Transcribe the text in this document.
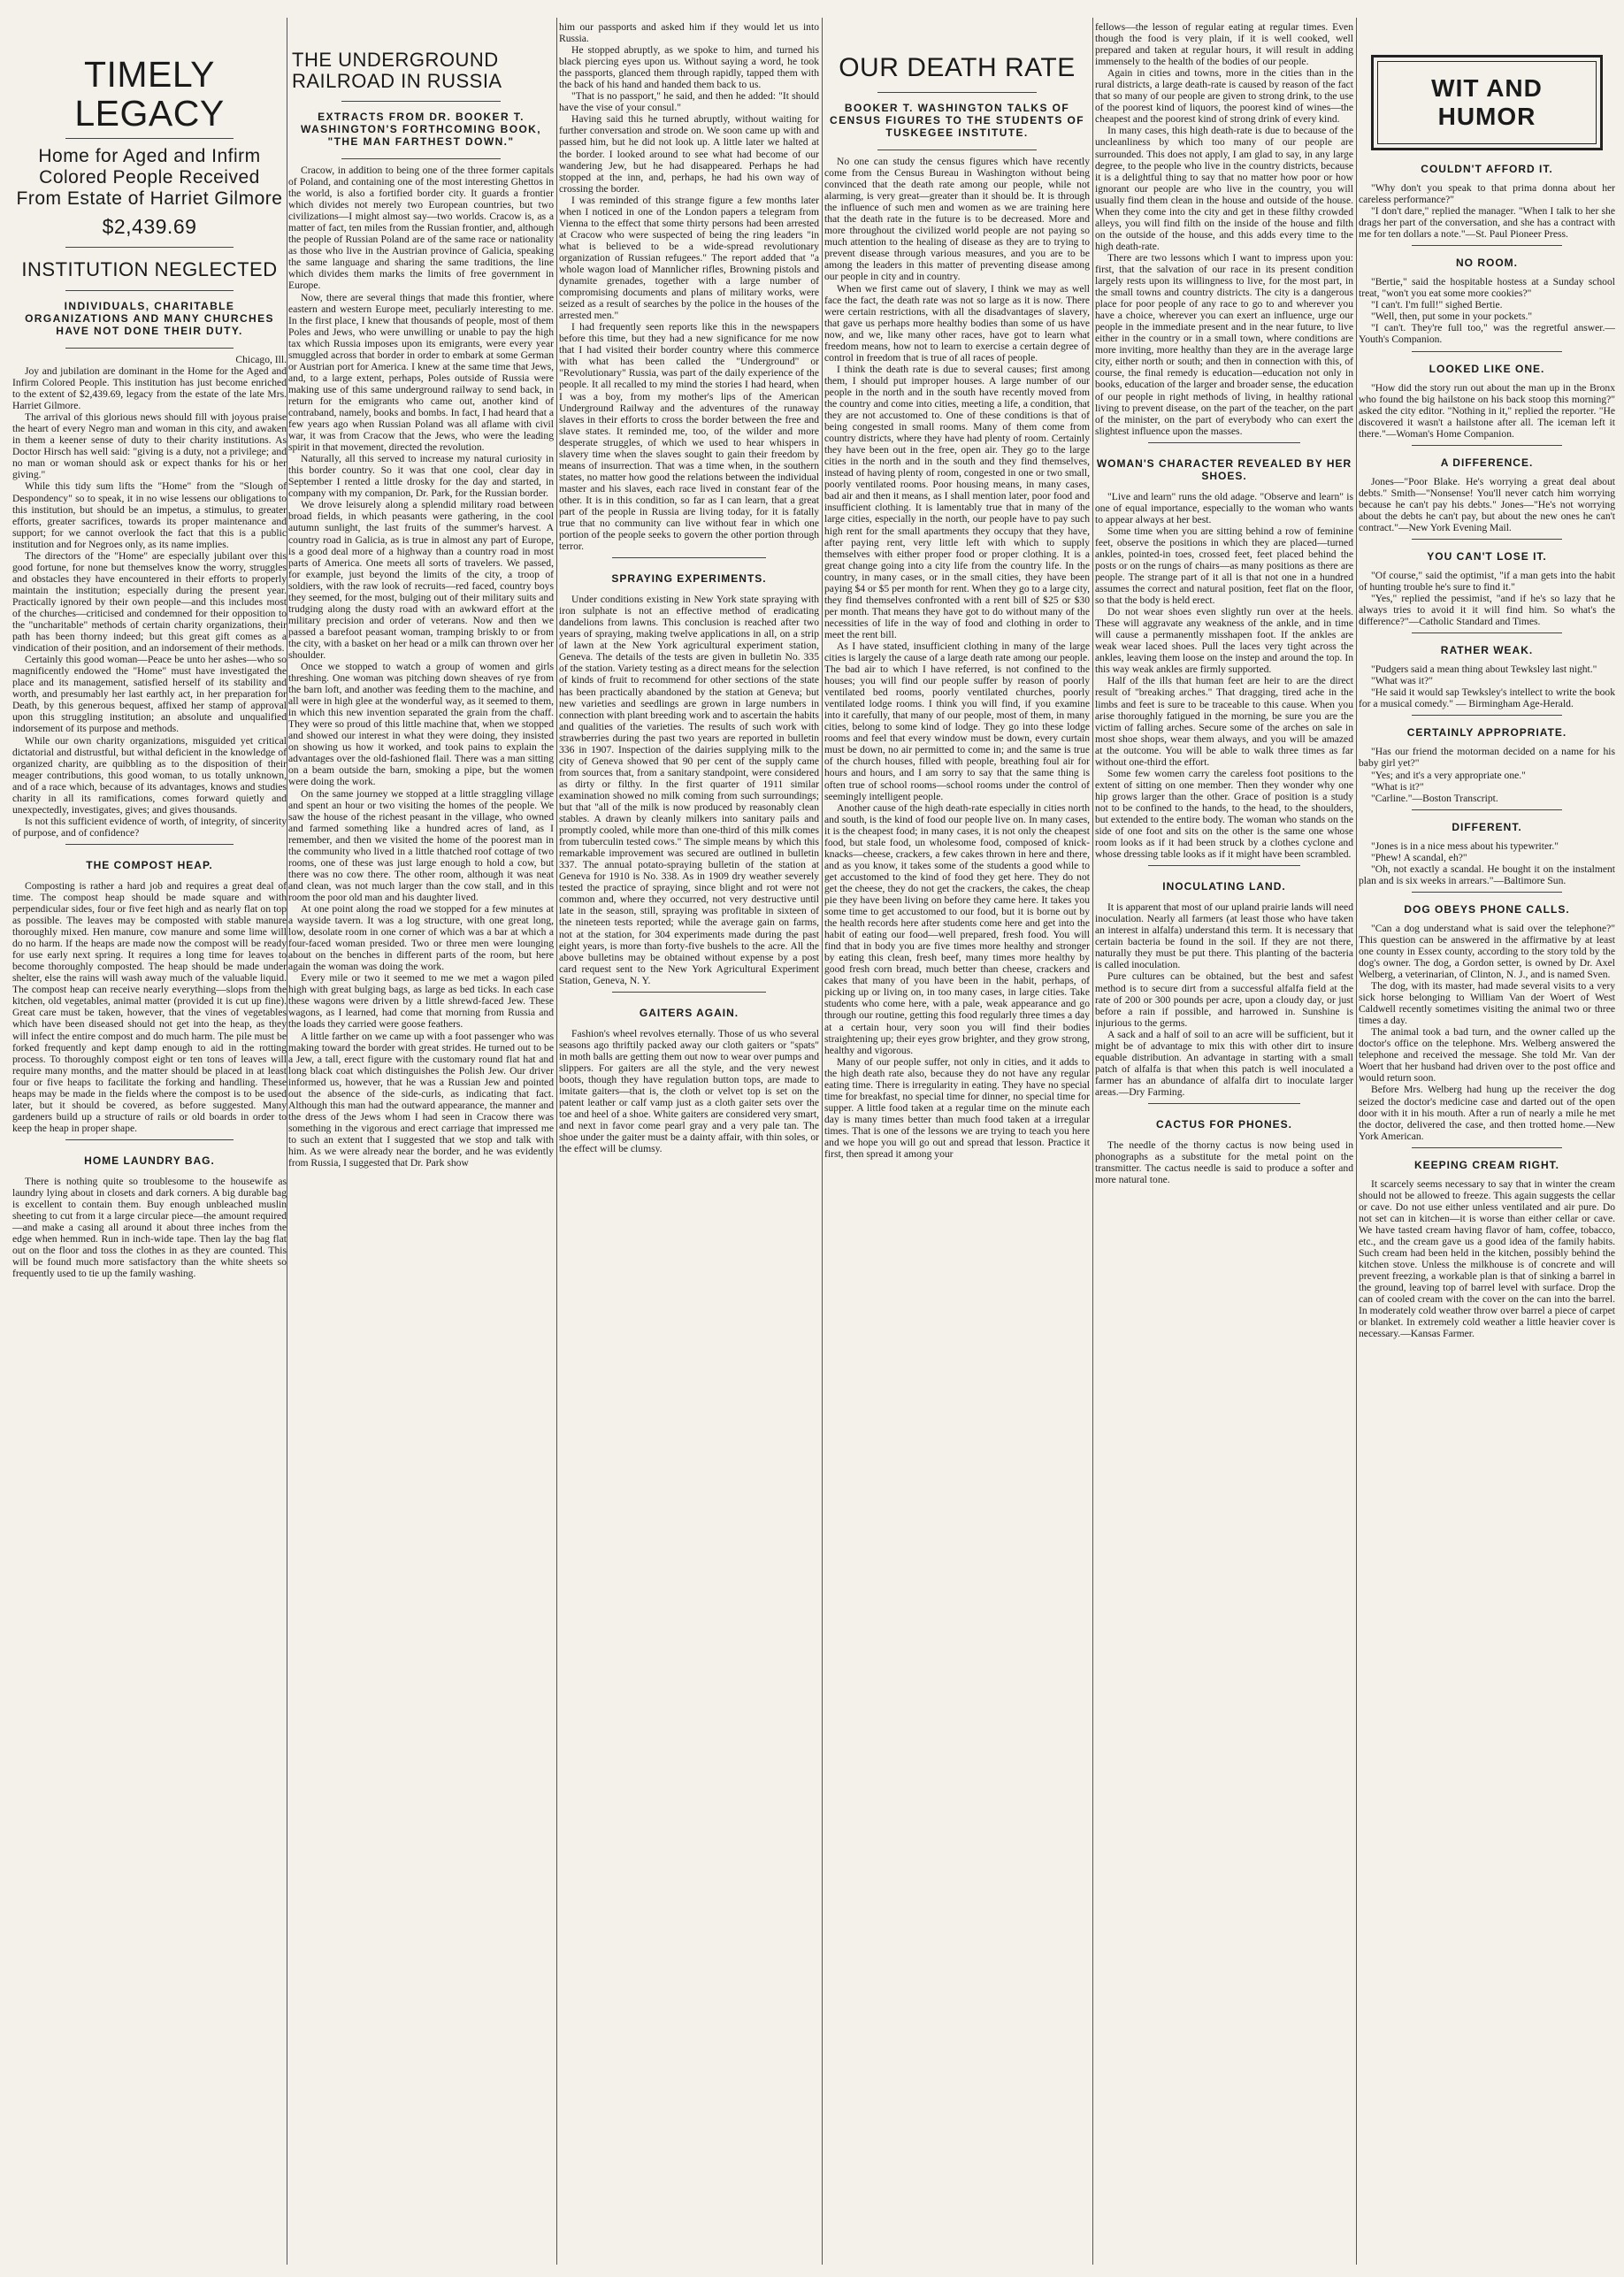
TIMELY LEGACY
Home for Aged and Infirm Colored People Received From Estate of Harriet Gilmore
$2,439.69
INSTITUTION NEGLECTED
INDIVIDUALS, CHARITABLE ORGANIZATIONS AND MANY CHURCHES HAVE NOT DONE THEIR DUTY.

Chicago, Ill.

Joy and jubilation are dominant in the Home for the Aged and Infirm Colored People. This institution has just become enriched to the extent of $2,439.69, legacy from the estate of the late Mrs. Harriet Gilmore.

The arrival of this glorious news should fill with joyous praise the heart of every Negro man and woman in this city, and awaken in them a keener sense of duty to their charity institutions. As Doctor Hirsch has well said: "giving is a duty, not a privilege; and no man or woman should ask or expect thanks for his or her giving."

While this tidy sum lifts the "Home" from the "Slough of Despondency" so to speak, it in no wise lessens our obligations to this institution, but should be an impetus, a stimulus, to greater efforts, greater sacrifices, towards its proper maintenance and support; for we cannot overlook the fact that this is a public institution and for Negroes only, as its name implies.

The directors of the "Home" are especially jubilant over this good fortune, for none but themselves know the worry, struggles and obstacles they have encountered in their efforts to properly maintain the institution; especially during the present year. Practically ignored by their own people—and this includes most of the churches—criticised and condemned for their opposition to the "uncharitable" methods of certain charity organizations, their path has been thorny indeed; but this great gift comes as a vindication of their position, and an indorsement of their methods.

Certainly this good woman—Peace be unto her ashes—who so magnificently endowed the "Home" must have investigated the place and its management, satisfied herself of its stability and worth, and presumably her last earthly act, in her preparation for Death, by this generous bequest, affixed her stamp of approval upon this struggling institution; an absolute and unqualified indorsement of its purpose and methods.

While our own charity organizations, misguided yet critical dictatorial and distrustful, but withal deficient in the knowledge of organized charity, are quibbling as to the disposition of their meager contributions, this good woman, to us totally unknown, and of a race which, because of its advantages, knows and studies charity in all its ramifications, comes forward quietly and unexpectedly, investigates, gives; and gives thousands.

Is not this sufficient evidence of worth, of integrity, of sincerity of purpose, and of confidence?

THE COMPOST HEAP.

Composting is rather a hard job and requires a great deal of time. The compost heap should be made square and with perpendicular sides, four or five feet high and as nearly flat on top as possible. The leaves may be composted with stable manure thoroughly mixed. Hen manure, cow manure and some lime will do no harm. If the heaps are made now the compost will be ready for use early next spring. It requires a long time for leaves to become thoroughly composted. The heap should be made under shelter, else the rains will wash away much of the valuable liquid. The compost heap can receive nearly everything—slops from the kitchen, old vegetables, animal matter (provided it is cut up fine). Great care must be taken, however, that the vines of vegetables which have been diseased should not get into the heap, as they will infect the entire compost and do much harm. The pile must be forked frequently and kept damp enough to aid in the rotting process. To thoroughly compost eight or ten tons of leaves will require many months, and the matter should be placed in at least four or five heaps to facilitate the forking and handling. These heaps may be made in the fields where the compost is to be used later, but it should be covered, as before suggested. Many gardeners build up a structure of rails or old boards in order to keep the heap in proper shape.

HOME LAUNDRY BAG.

There is nothing quite so troublesome to the housewife as laundry lying about in closets and dark corners. A big durable bag is excellent to contain them. Buy enough unbleached muslin sheeting to cut from it a large circular piece—the amount required—and make a casing all around it about three inches from the edge when hemmed. Run in inch-wide tape. Then lay the bag flat out on the floor and toss the clothes in as they are counted. This will be found much more satisfactory than the white sheets so frequently used to tie up the family washing.

THE UNDERGROUND RAILROAD IN RUSSIA
EXTRACTS FROM DR. BOOKER T. WASHINGTON'S FORTHCOMING BOOK, "THE MAN FARTHEST DOWN."

Cracow, in addition to being one of the three former capitals of Poland, and containing one of the most interesting Ghettos in the world, is also a fortified border city. It guards a frontier which divides not merely two European countries, but two civilizations—I might almost say—two worlds. Cracow is, as a matter of fact, ten miles from the Russian frontier, and, although the people of Russian Poland are of the same race or nationality as those who live in the Austrian province of Galicia, speaking the same language and sharing the same traditions, the line which divides them marks the limits of free government in Europe.

Now, there are several things that made this frontier, where eastern and western Europe meet, peculiarly interesting to me. In the first place, I knew that thousands of people, most of them Poles and Jews, who were unwilling or unable to pay the high tax which Russia imposes upon its emigrants, were every year smuggled across that border in order to embark at some German or Austrian port for America. I knew at the same time that Jews, and, to a large extent, perhaps, Poles outside of Russia were making use of this same underground railway to send back, in return for the emigrants who came out, another kind of contraband, namely, books and bombs. In fact, I had heard that a few years ago when Russian Poland was all aflame with civil war, it was from Cracow that the Jews, who were the leading spirit in that movement, directed the revolution.

Naturally, all this served to increase my natural curiosity in this border country. So it was that one cool, clear day in September I rented a little drosky for the day and started, in company with my companion, Dr. Park, for the Russian border.

We drove leisurely along a splendid military road between broad fields, in which peasants were gathering, in the cool autumn sunlight, the last fruits of the summer's harvest. A country road in Galicia, as is true in almost any part of Europe, is a good deal more of a highway than a country road in most parts of America. One meets all sorts of travelers. We passed, for example, just beyond the limits of the city, a troop of soldiers, with the raw look of recruits—red faced, country boys they seemed, for the most, bulging out of their military suits and trudging along the dusty road with an awkward effort at the military precision and order of veterans. Now and then we passed a barefoot peasant woman, tramping briskly to or from the city, with a basket on her head or a milk can thrown over her shoulder.

Once we stopped to watch a group of women and girls threshing. One woman was pitching down sheaves of rye from the barn loft, and another was feeding them to the machine, and all were in high glee at the wonderful way, as it seemed to them, in which this new invention separated the grain from the chaff. They were so proud of this little machine that, when we stopped and showed our interest in what they were doing, they insisted on showing us how it worked, and took pains to explain the advantages over the old-fashioned flail. There was a man sitting on a beam outside the barn, smoking a pipe, but the women were doing the work.

On the same journey we stopped at a little straggling village and spent an hour or two visiting the homes of the people. We saw the house of the richest peasant in the village, who owned and farmed something like a hundred acres of land, as I remember, and then we visited the home of the poorest man in the community who lived in a little thatched roof cottage of two rooms, one of these was just large enough to hold a cow, but there was no cow there. The other room, although it was neat and clean, was not much larger than the cow stall, and in this room the poor old man and his daughter lived.

At one point along the road we stopped for a few minutes at a wayside tavern. It was a log structure, with one great long, low, desolate room in one corner of which was a bar at which a four-faced woman presided. Two or three men were lounging about on the benches in different parts of the room, but here again the woman was doing the work.

Every mile or two it seemed to me we met a wagon piled high with great bulging bags, as large as bed ticks. In each case these wagons were driven by a little shrewd-faced Jew. These wagons, as I learned, had come that morning from Russia and the loads they carried were goose feathers.

A little farther on we came up with a foot passenger who was making toward the border with great strides. He turned out to be a Jew, a tall, erect figure with the customary round flat hat and long black coat which distinguishes the Polish Jew. Our driver informed us, however, that he was a Russian Jew and pointed out the absence of the side-curls, as indicating that fact. Although this man had the outward appearance, the manner and the dress of the Jews whom I had seen in Cracow there was something in the vigorous and erect carriage that impressed me to such an extent that I suggested that we stop and talk with him. As we were already near the border, and he was evidently from Russia, I suggested that Dr. Park show

him our passports and asked him if they would let us into Russia.

He stopped abruptly, as we spoke to him, and turned his black piercing eyes upon us. Without saying a word, he took the passports, glanced them through rapidly, tapped them with the back of his hand and handed them back to us.

"That is no passport," he said, and then he added: "It should have the vise of your consul."

Having said this he turned abruptly, without waiting for further conversation and strode on. We soon came up with and passed him, but he did not look up. A little later we halted at the border. I looked around to see what had become of our wandering Jew, but he had disappeared. Perhaps he had stopped at the inn, and, perhaps, he had his own way of crossing the border.

I was reminded of this strange figure a few months later when I noticed in one of the London papers a telegram from Vienna to the effect that some thirty persons had been arrested at Cracow who were suspected of being the ring leaders "in what is believed to be a wide-spread revolutionary organization of Russian refugees." The report added that "a whole wagon load of Mannlicher rifles, Browning pistols and dynamite grenades, together with a large number of compromising documents and plans of military works, were seized as a result of searches by the police in the houses of the arrested men."

I had frequently seen reports like this in the newspapers before this time, but they had a new significance for me now that I had visited their border country where this commerce with what has been called the "Underground" or "Revolutionary" Russia, was part of the daily experience of the people. It all recalled to my mind the stories I had heard, when I was a boy, from my mother's lips of the American Underground Railway and the adventures of the runaway slaves in their efforts to cross the border between the free and slave states. It reminded me, too, of the wilder and more desperate struggles, of which we used to hear whispers in slavery time when the slaves sought to gain their freedom by means of insurrection. That was a time when, in the southern states, no matter how good the relations between the individual master and his slaves, each race lived in constant fear of the other. It is in this condition, so far as I can learn, that a great part of the people in Russia are living today, for it is fatally true that no community can live without fear in which one portion of the people seeks to govern the other portion through terror.

SPRAYING EXPERIMENTS.

Under conditions existing in New York state spraying with iron sulphate is not an effective method of eradicating dandelions from lawns. This conclusion is reached after two years of spraying, making twelve applications in all, on a strip of lawn at the New York agricultural experiment station, Geneva. The details of the tests are given in bulletin No. 335 of the station. Variety testing as a direct means for the selection of kinds of fruit to recommend for other sections of the state has been practically abandoned by the station at Geneva; but new varieties and seedlings are grown in large numbers in connection with plant breeding work and to ascertain the habits and qualities of the varieties. The results of such work with strawberries during the past two years are reported in bulletin 336 in 1907. Inspection of the dairies supplying milk to the city of Geneva showed that 90 per cent of the supply came from sources that, from a sanitary standpoint, were considered as dirty or filthy. In the first quarter of 1911 similar examination showed no milk coming from such surroundings; but that "all of the milk is now produced by reasonably clean stables. A drawn by cleanly milkers into sanitary pails and promptly cooled, while more than one-third of this milk comes from tuberculin tested cows." The simple means by which this remarkable improvement was secured are outlined in bulletin 337. The annual potato-spraying bulletin of the station at Geneva for 1910 is No. 338. As in 1909 dry weather severely tested the practice of spraying, since blight and rot were not common and, where they occurred, not very destructive until late in the season, still, spraying was profitable in sixteen of the nineteen tests reported; while the average gain on farms, not at the station, for 304 experiments made during the past eight years, is more than forty-five bushels to the acre. All the above bulletins may be obtained without expense by a post card request sent to the New York Agricultural Experiment Station, Geneva, N. Y.

GAITERS AGAIN.

Fashion's wheel revolves eternally. Those of us who several seasons ago thriftily packed away our cloth gaiters or "spats" in moth balls are getting them out now to wear over pumps and slippers. For gaiters are all the style, and the very newest boots, though they have regulation button tops, are made to imitate gaiters—that is, the cloth or velvet top is set on the patent leather or calf vamp just as a cloth gaiter sets over the toe and heel of a shoe. White gaiters are considered very smart, and next in favor come pearl gray and a very pale tan. The shoe under the gaiter must be a dainty affair, with thin soles, or the effect will be clumsy.

OUR DEATH RATE
BOOKER T. WASHINGTON TALKS OF CENSUS FIGURES TO THE STUDENTS OF TUSKEGEE INSTITUTE.

No one can study the census figures which have recently come from the Census Bureau in Washington without being convinced that the death rate among our people, while not alarming, is very great—greater than it should be. It is through the influence of such men and women as we are training here that the death rate in the future is to be decreased. More and more throughout the civilized world people are not paying so much attention to the healing of disease as they are to trying to prevent disease through various measures, and you are to be among the leaders in this matter of preventing disease among our people in city and in country.

When we first came out of slavery, I think we may as well face the fact, the death rate was not so large as it is now. There were certain restrictions, with all the disadvantages of slavery, that gave us perhaps more healthy bodies than some of us have now, and we, like many other races, have got to learn what freedom means, how not to learn to exercise a certain degree of control in freedom that is true of all races of people.

I think the death rate is due to several causes; first among them, I should put improper houses. A large number of our people in the north and in the south have recently moved from the country and come into cities, meeting a life, a condition, that they are not accustomed to. One of these conditions is that of being congested in small rooms. Many of them come from country districts, where they have had plenty of room. Certainly they have been out in the free, open air. They go to the large cities in the north and in the south and they find themselves, instead of having plenty of room, congested in one or two small, poorly ventilated rooms. Poor housing means, in many cases, bad air and then it means, as I shall mention later, poor food and insufficient clothing. It is lamentably true that in many of the large cities, especially in the north, our people have to pay such high rent for the small apartments they occupy that they have, after paying rent, very little left with which to supply themselves with either proper food or proper clothing. It is a great change going into a city life from the country life. In the country, in many cases, or in the small cities, they have been paying $4 or $5 per month for rent. When they go to a large city, they find themselves confronted with a rent bill of $25 or $30 per month. That means they have got to do without many of the necessities of life in the way of food and clothing in order to meet the rent bill.

As I have stated, insufficient clothing in many of the large cities is largely the cause of a large death rate among our people. The bad air to which I have referred, is not confined to the houses; you will find our people suffer by reason of poorly ventilated bed rooms, poorly ventilated churches, poorly ventilated lodge rooms. I think you will find, if you examine into it carefully, that many of our people, most of them, in many cities, belong to some kind of lodge. They go into these lodge rooms and feel that every window must be down, every curtain must be down, no air permitted to come in; and the same is true of the church houses, filled with people, breathing foul air for hours and hours, and I am sorry to say that the same thing is often true of school rooms—school rooms under the control of seemingly intelligent people.

Another cause of the high death-rate especially in cities north and south, is the kind of food our people live on. In many cases, it is the cheapest food; in many cases, it is not only the cheapest food, but stale food, un wholesome food, composed of knick-knacks—cheese, crackers, a few cakes thrown in here and there, and as you know, it takes some of the students a good while to get accustomed to the kind of food they get here. They do not get the cheese, they do not get the crackers, the cakes, the cheap pie they have been living on before they came here. It takes you some time to get accustomed to our food, but it is borne out by the health records here after students come here and get into the habit of eating our food—well prepared, fresh food. You will find that in body you are five times more healthy and stronger by eating this clean, fresh beef, many times more healthy by good fresh corn bread, much better than cheese, crackers and cakes that many of you have been in the habit, perhaps, of picking up or living on, in too many cases, in large cities. Take students who come here, with a pale, weak appearance and go through our routine, getting this food regularly three times a day at a certain hour, very soon you will find their bodies straightening up; their eyes grow brighter, and they grow strong, healthy and vigorous.

Many of our people suffer, not only in cities, and it adds to the high death rate also, because they do not have any regular eating time. There is irregularity in eating. They have no special time for breakfast, no special time for dinner, no special time for supper. A little food taken at a regular time on the minute each day is many times better than much food taken at a irregular times. That is one of the lessons we are trying to teach you here and we hope you will go out and spread that lesson. Practice it first, then spread it among your

fellows—the lesson of regular eating at regular times. Even though the food is very plain, if it is well cooked, well prepared and taken at regular hours, it will result in adding immensely to the health of the bodies of our people.

Again in cities and towns, more in the cities than in the rural districts, a large death-rate is caused by reason of the fact that so many of our people are given to strong drink, to the use of the poorest kind of liquors, the poorest kind of wines—the cheapest and the poorest kind of strong drink of every kind.

In many cases, this high death-rate is due to because of the uncleanliness by which too many of our people are surrounded. This does not apply, I am glad to say, in any large degree, to the people who live in the country districts, because it is a delightful thing to say that no matter how poor or how ignorant our people are who live in the country, you will usually find them clean in the house and outside of the house. When they come into the city and get in these filthy crowded alleys, you will find filth on the inside of the house and filth on the outside of the house, and this adds every time to the high death-rate.

There are two lessons which I want to impress upon you: first, that the salvation of our race in its present condition largely rests upon its willingness to live, for the most part, in the small towns and country districts. The city is a dangerous place for poor people of any race to go to and wherever you have a choice, wherever you can exert an influence, urge our people in the immediate present and in the near future, to live either in the country or in a small town, where conditions are more inviting, more healthy than they are in the average large city, either north or south; and then in connection with this, of course, the final remedy is education—education not only in books, education of the larger and broader sense, the education of our people in right methods of living, in healthy rational living to prevent disease, on the part of the teacher, on the part of the minister, on the part of everybody who can exert the slightest influence upon the masses.

WOMAN'S CHARACTER REVEALED BY HER SHOES.

"Live and learn" runs the old adage. "Observe and learn" is one of equal importance, especially to the woman who wants to appear always at her best.

Some time when you are sitting behind a row of feminine feet, observe the positions in which they are placed—turned ankles, pointed-in toes, crossed feet, feet placed behind the posts or on the rungs of chairs—as many positions as there are people. The strange part of it all is that not one in a hundred assumes the correct and natural position, feet flat on the floor, so that the body is held erect.

Do not wear shoes even slightly run over at the heels. These will aggravate any weakness of the ankle, and in time will cause a permanently misshapen foot. If the ankles are weak wear laced shoes. Pull the laces very tight across the ankles, leaving them loose on the instep and around the top. In this way weak ankles are firmly supported.

Half of the ills that human feet are heir to are the direct result of "breaking arches." That dragging, tired ache in the limbs and feet is sure to be traceable to this cause. When you arise thoroughly fatigued in the morning, be sure you are the victim of falling arches. Secure some of the arches on sale in most shoe shops, wear them always, and you will be amazed at the outcome. You will be able to walk three times as far without one-third the effort.

Some few women carry the careless foot positions to the extent of sitting on one member. Then they wonder why one hip grows larger than the other. Grace of position is a study not to be confined to the hands, to the head, to the shoulders, but extended to the entire body. The woman who stands on the side of one foot and sits on the other is the same one whose room looks as if it had been struck by a clothes cyclone and whose dressing table looks as if it might have been scrambled.

INOCULATING LAND.

It is apparent that most of our upland prairie lands will need inoculation. Nearly all farmers (at least those who have taken an interest in alfalfa) understand this term. It is necessary that certain bacteria be found in the soil. If they are not there, naturally they must be put there. This planting of the bacteria is called inoculation.

Pure cultures can be obtained, but the best and safest method is to secure dirt from a successful alfalfa field at the rate of 200 or 300 pounds per acre, upon a cloudy day, or just before a rain if possible, and harrowed in. Sunshine is injurious to the germs.

A sack and a half of soil to an acre will be sufficient, but it might be of advantage to mix this with other dirt to insure equable distribution. An advantage in starting with a small patch of alfalfa is that when this patch is well inoculated a farmer has an abundance of alfalfa dirt to inoculate larger areas.—Dry Farming.

CACTUS FOR PHONES.

The needle of the thorny cactus is now being used in phonographs as a substitute for the metal point on the transmitter. The cactus needle is said to produce a softer and more natural tone.

WIT AND HUMOR
COULDN'T AFFORD IT.

"Why don't you speak to that prima donna about her careless performance?"

"I don't dare," replied the manager. "When I talk to her she drags her part of the conversation, and she has a contract with me for ten dollars a note."—St. Paul Pioneer Press.

NO ROOM.

"Bertie," said the hospitable hostess at a Sunday school treat, "won't you eat some more cookies?"

"I can't. I'm full!" sighed Bertie.

"Well, then, put some in your pockets."

"I can't. They're full too," was the regretful answer.—Youth's Companion.

LOOKED LIKE ONE.

"How did the story run out about the man up in the Bronx who found the big hailstone on his back stoop this morning?" asked the city editor. "Nothing in it," replied the reporter. "He discovered it wasn't a hailstone after all. The iceman left it there."—Woman's Home Companion.

A DIFFERENCE.

Jones—"Poor Blake. He's worrying a great deal about debts." Smith—"Nonsense! You'll never catch him worrying because he can't pay his debts." Jones—"He's not worrying about the debts he can't pay, but about the new ones he can't contract."—New York Evening Mail.

YOU CAN'T LOSE IT.

"Of course," said the optimist, "if a man gets into the habit of hunting trouble he's sure to find it."

"Yes," replied the pessimist, "and if he's so lazy that he always tries to avoid it it will find him. So what's the difference?"—Catholic Standard and Times.

RATHER WEAK.

"Pudgers said a mean thing about Tewksley last night."

"What was it?"

"He said it would sap Tewksley's intellect to write the book for a musical comedy." — Birmingham Age-Herald.

CERTAINLY APPROPRIATE.

"Has our friend the motorman decided on a name for his baby girl yet?"

"Yes; and it's a very appropriate one."

"What is it?"

"Carline."—Boston Transcript.

DIFFERENT.

"Jones is in a nice mess about his typewriter."

"Phew! A scandal, eh?"

"Oh, not exactly a scandal. He bought it on the instalment plan and is six weeks in arrears."—Baltimore Sun.

DOG OBEYS PHONE CALLS.

"Can a dog understand what is said over the telephone?" This question can be answered in the affirmative by at least one county in Essex county, according to the story told by the dog's owner. The dog, a Gordon setter, is owned by Dr. Axel Welberg, a veterinarian, of Clinton, N. J., and is named Sven.

The dog, with its master, had made several visits to a very sick horse belonging to William Van der Woert of West Caldwell recently sometimes visiting the animal two or three times a day.

The animal took a bad turn, and the owner called up the doctor's office on the telephone. Mrs. Welberg answered the telephone and received the message. She told Mr. Van der Woert that her husband had driven over to the post office and would return soon.

Before Mrs. Welberg had hung up the receiver the dog seized the doctor's medicine case and darted out of the open door with it in his mouth. After a run of nearly a mile he met the doctor, delivered the case, and then trotted home.—New York American.

KEEPING CREAM RIGHT.

It scarcely seems necessary to say that in winter the cream should not be allowed to freeze. This again suggests the cellar or cave. Do not use either unless ventilated and air pure. Do not set can in kitchen—it is worse than either cellar or cave. We have tasted cream having flavor of ham, coffee, tobacco, etc., and the cream gave us a good idea of the family habits. Such cream had been held in the kitchen, possibly behind the kitchen stove. Unless the milkhouse is of concrete and will prevent freezing, a workable plan is that of sinking a barrel in the ground, leaving top of barrel level with surface. Drop the can of cooled cream with the cover on the can into the barrel. In moderately cold weather throw over barrel a piece of carpet or blanket. In extremely cold weather a little heavier cover is necessary.—Kansas Farmer.
